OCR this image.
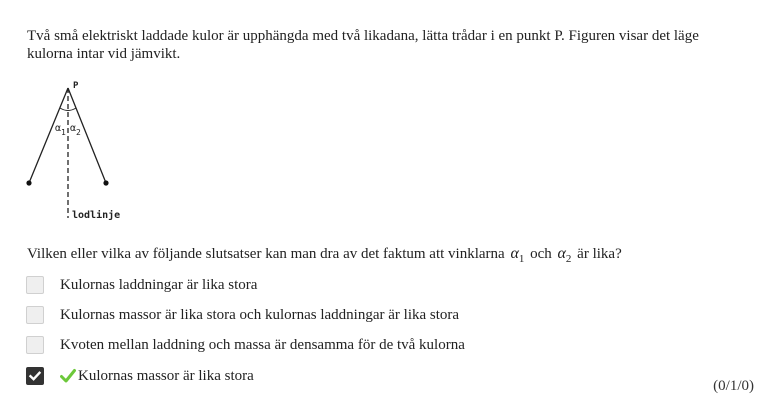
Två små elektriskt laddade kulor är upphängda med två likadana, lätta trådar i en punkt P. Figuren visar det läge kulorna intar vid jämvikt.
P
$\alpha_1$ $\alpha_2$
lodlinje
Vilken eller vilka av följande slutsatser kan man dra av det faktum att vinklarna $\alpha_1$ och $\alpha_2$ är lika?
Kulornas laddningar är lika stora
Kulornas massor är lika stora och kulornas laddningar är lika stora
Kvoten mellan laddning och massa är densamma för de två kulorna
Kulornas massor är lika stora
(0/1/0)
